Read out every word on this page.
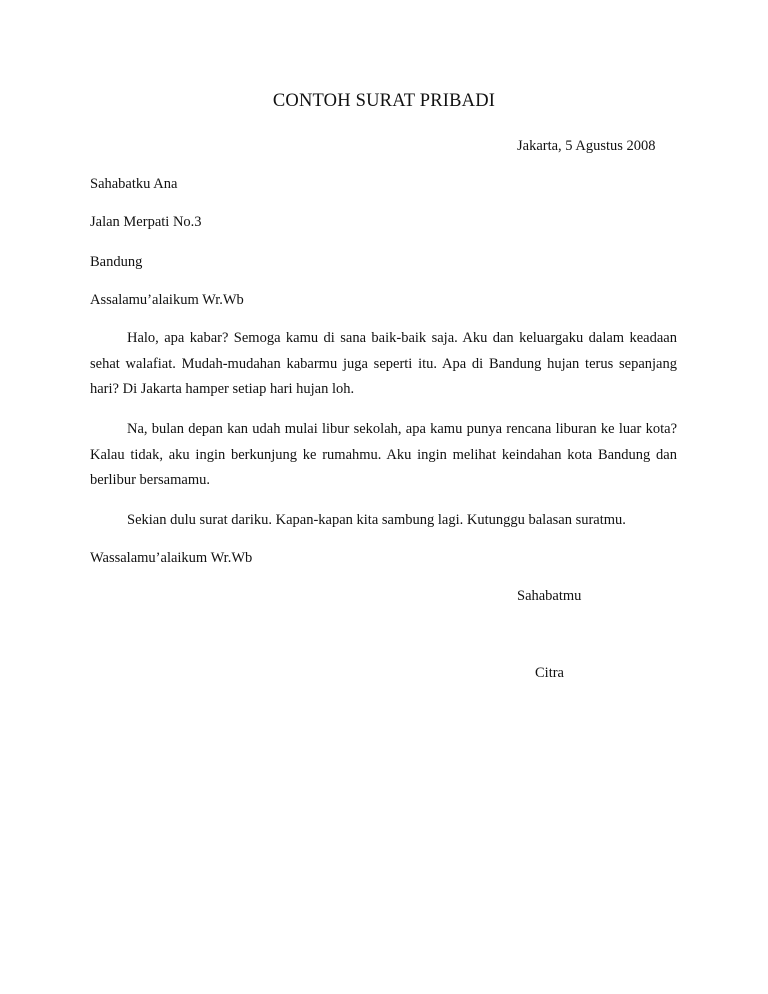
CONTOH SURAT PRIBADI
Jakarta, 5 Agustus 2008
Sahabatku Ana
Jalan Merpati No.3
Bandung
Assalamu’alaikum Wr.Wb

Halo, apa kabar? Semoga kamu di sana baik-baik saja. Aku dan keluargaku dalam keadaan sehat walafiat. Mudah-mudahan kabarmu juga seperti itu. Apa di Bandung hujan terus sepanjang hari? Di Jakarta hamper setiap hari hujan loh.

Na, bulan depan kan udah mulai libur sekolah, apa kamu punya rencana liburan ke luar kota? Kalau tidak, aku ingin berkunjung ke rumahmu. Aku ingin melihat keindahan kota Bandung dan berlibur bersamamu.

Sekian dulu surat dariku. Kapan-kapan kita sambung lagi. Kutunggu balasan suratmu.

Wassalamu’alaikum Wr.Wb
Sahabatmu
Citra
